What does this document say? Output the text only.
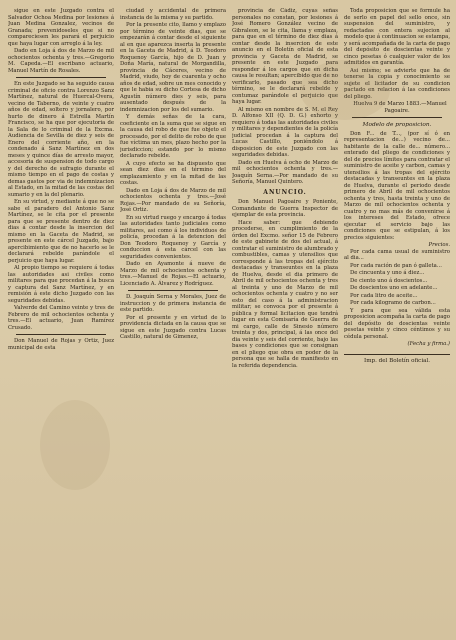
sigue en este Juzgado contra el Salvador Ochoa Medina por lesiones á Juan Medina Gonzalez, vecinos de Granada; prevenidoseles que si no compareciesen les parará el perjuicio que haya lugar con arreglo á la ley.

Dado en Loja á dos de Marzo de mil ochocientos ochenta y tres.—Gregorio M. Capeda.—El escribano actuario, Manuel Martín de Rosales.

En este Juzgado se ha seguido causa criminal de oficio contra Lorenzo Sanz Martínez, natural de Huercal-Overa, vecino de Taberno, de veinte y cuatro años de edad, soltero y jornalero, por hurto de dinero á Estrella Martín Francisco, se ha que por ejecutoria de la Sala de lo criminal de la Excma. Audiencia de Sevilla de diez y seis de Enero del corriente año, en la condenado á Sanz Martínez en dos meses y quince días de arresto mayor, accesoria de suspension de todo cargo y del derecho de sufragio durante el mismo tiempo en el pago de costas y demas gastos por via de indemnizacion al Estado, en la mitad de las costas del sumario y en la del plenario.

En su virtud, y mediante á que no se sabe el paradero del Antonio Sanz Martínez, se le cita por el presente para que se presente dentro de diez dias á contar desde la insercion del mismo en la Gaceta de Madrid, se presente en este cárcel Juzgado, bajo apercibimiento que de no hacerlo se le declarará rebelde parándole el perjuicio que haya lugar.

Al propio tiempo se requiere á todas las autoridades asi civiles como militares para que procedan á la busca y captura del Sanz Martínez, y en remisión á este dicho Juzgado con las seguridades debidas.

Valverde del Camino veinte y tres de Febrero de mil ochocientos ochenta y tres.—El actuario, Juan Ramírez Crusado.

Don Manuel de Rojas y Ortiz, Juez municipal de esta

ciudad y accidental de primera instancia de la misma y su partido.

Por la presente cito, llamo y emplazo por término de veinte dias, que se empezarán á contar desde el siguiente al en que aparezca inserta la presente en la Gaceta de Madrid, á D. Teodoro Roquenoy García, hijo de D. Juan y Doña María, natural de Morgandilla, provincia de Cáceres, vecino de Madrid, viudo, hoy de cuarenta y ocho años de edad, sobre un mes conocido y que le habia su dicho Cortesa de dicho Agustín número dies y seis, para ausentado después de la indemnizacion por los del sumario.

Y demás señas de la cara, coeficiente en la suma que se sigue en la causa del robo de que fue objeto el procesado, por el delito de robo de que fue víctima un mes, plazo hecho por la jurisdiccion; estando por lo mismo declarado rebelde.

A cuyo efecto se ha dispuesto que sean diez dias en el término del emplazamiento y en la mitad de las costas.

Dado en Loja á dos de Marzo de mil ochocientos ochenta y tres.—José Rojas.—Por mandado de su Señoría, José Ortiz.

En su virtud ruego y encargo á todas las autoridades tanto judiciales como militares, asi como á los individuos de policía, procedan á la detencion del Don Teodoro Roquenoy y García y conduccion á esta cárcel con las seguridades convenientes.

Dado en Ayamonte á nueve de Marzo de mil ochocientos ochenta y tres.—Manuel de Rojas.—El actuario, Licenciado A. Álvarez y Rodríguez.

D. Joaquín Serna y Morales, Juez de instruccion y de primera instancia de este partido.

Por el presente y en virtud de lo providencia dictada en la causa que se sigue en este Juzgado contra Lucas Castillo, natural de Gimenez,

provincia de Cádiz, cuyas señas personales no constan, por lesiones á José Romero González vecino de Gibraleon, se le cita, llama y emplaza, para que en el término de diez dias á contar desde la insercion de este anuncio en el Boletín oficial de esta provincia y Gaceta de Madrid, se presente en este Juzgado para responder á los cargos que en dicha causa le resultan; apercibido que de no verificarlo, pasado que sea dicho término, se le declarará rebelde y contumaz parándole el perjuicio que haya lugar.

Al mismo en nombre de S. M. el Rey D. Alfonso XII (Q. D. G.) exhorto y requiero á todas las autoridades civiles y militares y dependientes de la policía judicial procedan á la captura del Lucas Castillo, poniéndolo á disposicion de este Juzgado con las seguridades debidas.

Dado en Huelva á ocho de Marzo de mil ochocientos ochenta y tres.—Joaquín Serna.—Por mandado de su Señoría, Manuel Quintero.

ANUNCIO.

Don Manuel Pagoaire y Poniente, Comandante de Guerra Inspector de ejemplar de esta provincia.

Hace saber: que debiendo procederse, en cumplimiento de la órden del Excmo. señor 15 de Febrero de este gabinete de dos del actual, á contratar el suministro de alumbrado y combustibles, camas y utensilios que corresponde á las tropas del ejército destacadas y transeuntes en la plaza de Huelva, desde el dia primero de Abril de mil ochocientos ochenta y tres al treinta y uno de Marzo de mil ochocientos ochenta y cuatro y no ser esto del caso á la administracion militar; se convoca por el presente á pública y formal licitacion que tendrá lugar en esta Comisaría de Guerra de mi cargo, calle de Sinesio número treinta y dos, principal, á las once del dia veinte y seis del corriente, bajo las bases y condiciones que se consignan en el pliego que obra en poder de la persona que se halla de manifiesto en la referida dependencia.

Toda proposicion que se formule ha de serlo en papel del sello once, sin suspension del suministro, y redactadas con entera sujecion al modelo que á continuacion se estampa, y será acompañada de la carta de pago del depósito de doscientas veinte y cinco pesetas ó cualquier valor de los admitidos en garantía.

Asi mismo; se advierte que ha de tenerse la copia y conocimiento se sujete el licitador de su condicion pactado en relacion á las condiciones del pliego.

Huelva 9 de Marzo 1883.—Manuel Pagoaire.

Modelo de proposicion.

Don F... de T..., (por sí ó en representacion de...) vecino de... habitante de la calle de... número... enterado del pliego de condiciones y del de precios límites para contratar el suministro de aceite y carbon, camas y utensilios á las tropas del ejército destacadas y transeuntes en la plaza de Huelva, durante el periodo desde primero de Abril de mil ochocientos ochenta y tres, hasta treinta y uno de Marzo de mil ochocientos ochenta y cuatro y no mas más de convenirse á los intereses del Estado, ofrece ejecutar el servicio bajo las condiciones que se estipulan, á los precios siguientes:

Precios.

Por cada cama usual de suministro al dia...

Por cada ración de pan ó galleta...

De cincuenta y uno á diez...

De ciento uno á doscientos...

De doscientos uno en adelante...

Por cada litro de aceite...

Por cada kilogramo de carbon...

Y para que sea válida esta proposicion acompaña la carta de pago del depósito de doscientas veinte pesetas veinte y cinco céntimos y su cédula personal.

(Fecha y firma.)
Imp. del Boletín oficial.
